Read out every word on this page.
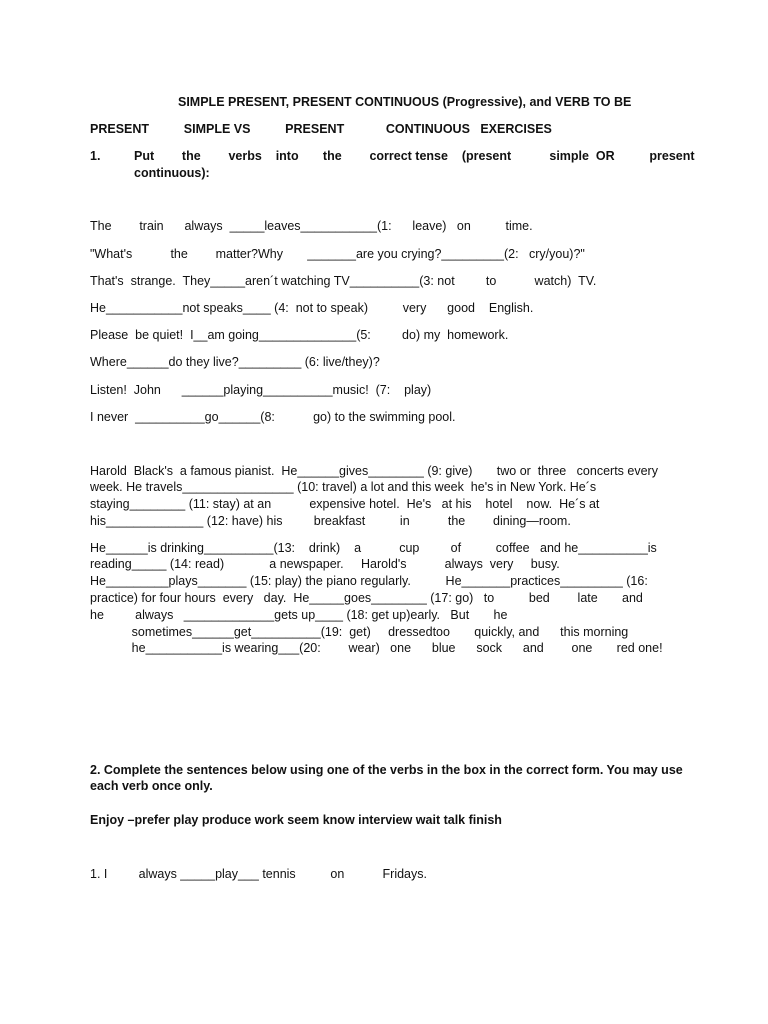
SIMPLE PRESENT, PRESENT CONTINUOUS (Progressive), and VERB TO BE
PRESENT          SIMPLE VS          PRESENT            CONTINUOUS   EXERCISES
1.	Put        the        verbs    into       the        correct tense    (present           simple  OR          present
continuous):
The        train      always  _____leaves___________(1:      leave)   on          time.
"What's           the        matter?Why       _______are you crying?_________(2:   cry/you)?"
That's  strange.  They_____aren´t watching TV__________(3: not         to           watch)  TV.
He___________not speaks____ (4:  not to speak)          very      good    English.
Please  be quiet!  I__am going______________(5:         do) my  homework.
Where______do they live?_________ (6: live/they)?
Listen!  John      ______playing__________music!  (7:    play)
I never  __________go______(8:           go) to the swimming pool.
Harold  Black's  a famous pianist.  He______gives________ (9: give)       two or  three   concerts every
week. He travels________________ (10: travel) a lot and this week  he's in New York. He´s
staying________ (11: stay) at an           expensive hotel.  He's   at his    hotel    now.  He´s at
his______________ (12: have) his         breakfast          in           the        dining—room.
He______is drinking__________(13:    drink)    a           cup         of          coffee   and he__________is
reading_____ (14: read)             a newspaper.     Harold's           always  very     busy.
He_________plays_______ (15: play) the piano regularly.          He_______practices_________ (16:
practice) for four hours  every   day.  He_____goes________ (17: go)   to          bed        late       and
he         always   _____________gets up____ (18: get up)early.   But       he
sometimes______get__________(19:  get)     dressedtoo       quickly, and      this morning
he___________is wearing___(20:        wear)   one      blue      sock      and        one       red one!
2. Complete the sentences below using one of the verbs in the box in the correct form. You may use
each verb once only.
Enjoy –prefer play produce work seem know interview wait talk finish
1. I         always _____play___ tennis          on           Fridays.
